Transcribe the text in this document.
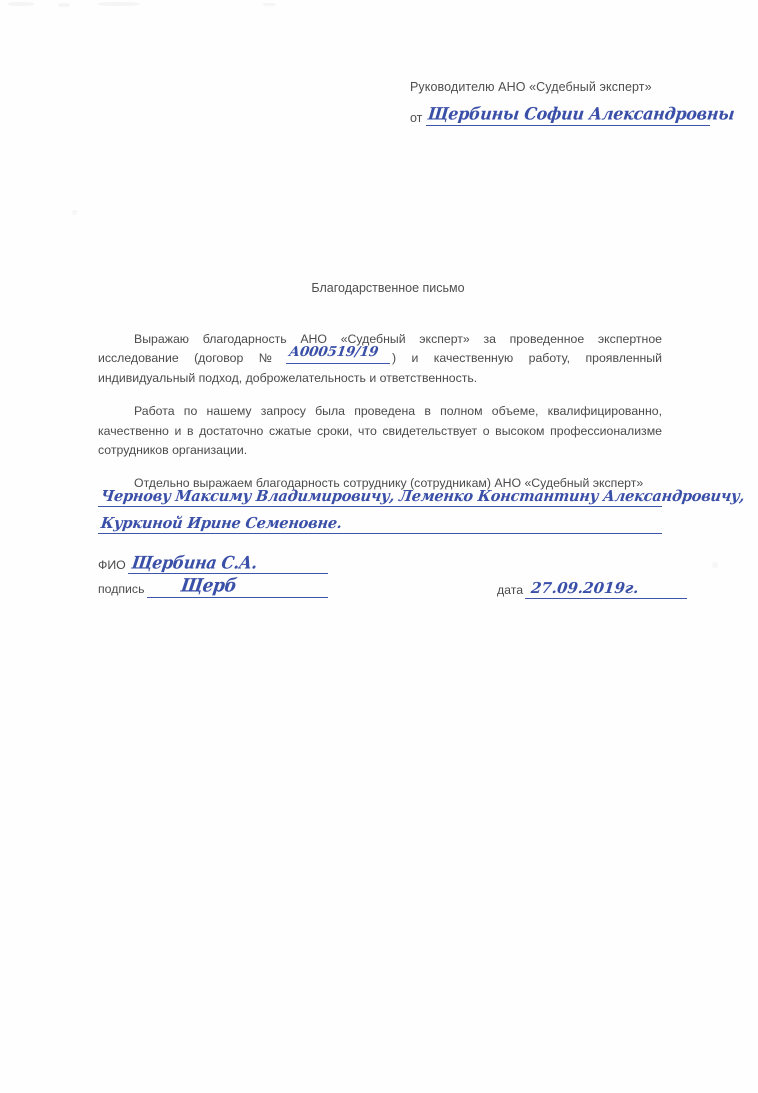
Руководителю АНО «Судебный эксперт»
от Щербины Софии Александровны
Благодарственное письмо

Выражаю благодарность АНО «Судебный эксперт» за проведенное экспертное исследование (договор № А000519/19 ) и качественную работу, проявленный индивидуальный подход, доброжелательность и ответственность.

Работа по нашему запросу была проведена в полном объеме, квалифицированно, качественно и в достаточно сжатые сроки, что свидетельствует о высоком профессионализме сотрудников организации.

Отдельно выражаем благодарность сотруднику (сотрудникам) АНО «Судебный эксперт»

Чернову Максиму Владимировичу, Леменко Константину Александровичу,
Куркиной Ирине Семеновне.
ФИО Щербина С.А.
подпись Щерб	дата 27.09.2019г.
